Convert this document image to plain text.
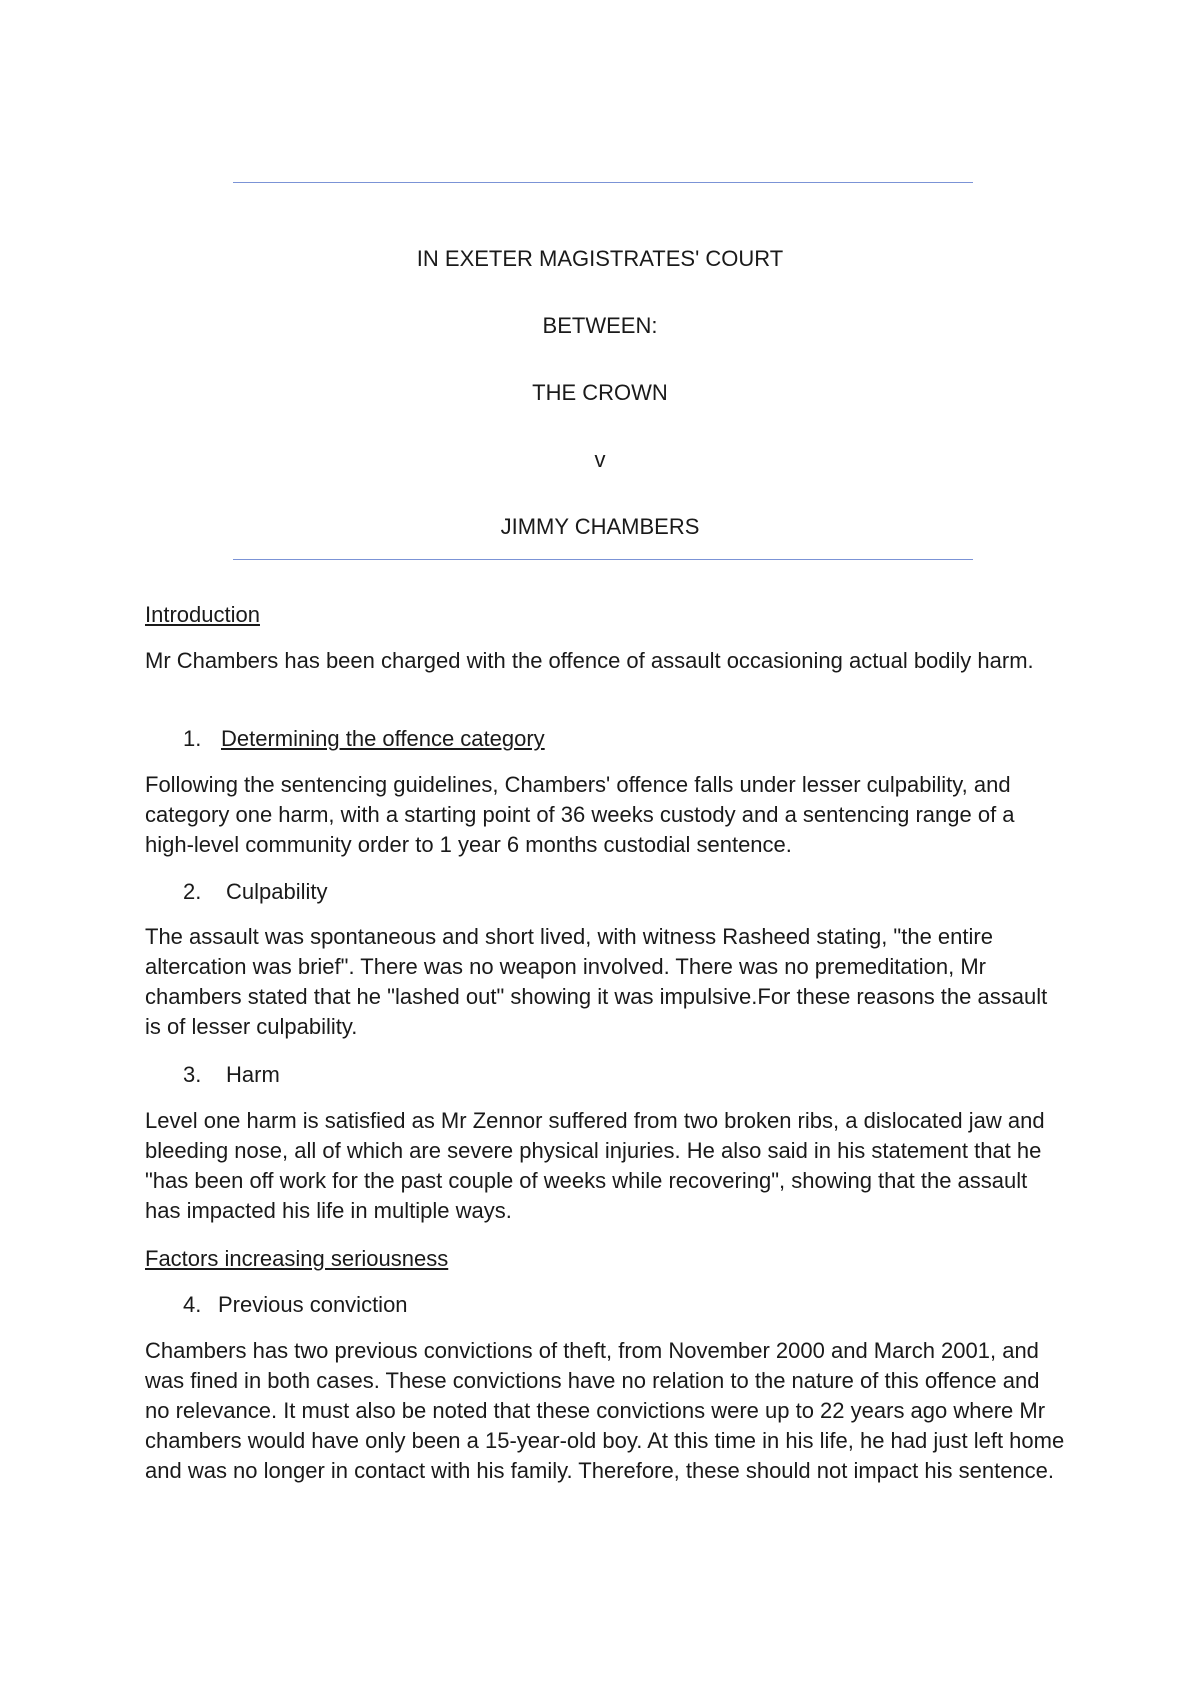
IN EXETER MAGISTRATES' COURT
BETWEEN:
THE CROWN
v
JIMMY CHAMBERS
Introduction

Mr Chambers has been charged with the offence of assault occasioning actual bodily harm.

1. Determining the offence category

Following the sentencing guidelines, Chambers' offence falls under lesser culpability, and category one harm, with a starting point of 36 weeks custody and a sentencing range of a high-level community order to 1 year 6 months custodial sentence.

2. Culpability

The assault was spontaneous and short lived, with witness Rasheed stating, "the entire altercation was brief". There was no weapon involved. There was no premeditation, Mr chambers stated that he "lashed out" showing it was impulsive.For these reasons the assault is of lesser culpability.

3. Harm

Level one harm is satisfied as Mr Zennor suffered from two broken ribs, a dislocated jaw and bleeding nose, all of which are severe physical injuries. He also said in his statement that he "has been off work for the past couple of weeks while recovering", showing that the assault has impacted his life in multiple ways.

Factors increasing seriousness
4. Previous conviction

Chambers has two previous convictions of theft, from November 2000 and March 2001, and was fined in both cases. These convictions have no relation to the nature of this offence and no relevance. It must also be noted that these convictions were up to 22 years ago where Mr chambers would have only been a 15-year-old boy. At this time in his life, he had just left home and was no longer in contact with his family. Therefore, these should not impact his sentence.
